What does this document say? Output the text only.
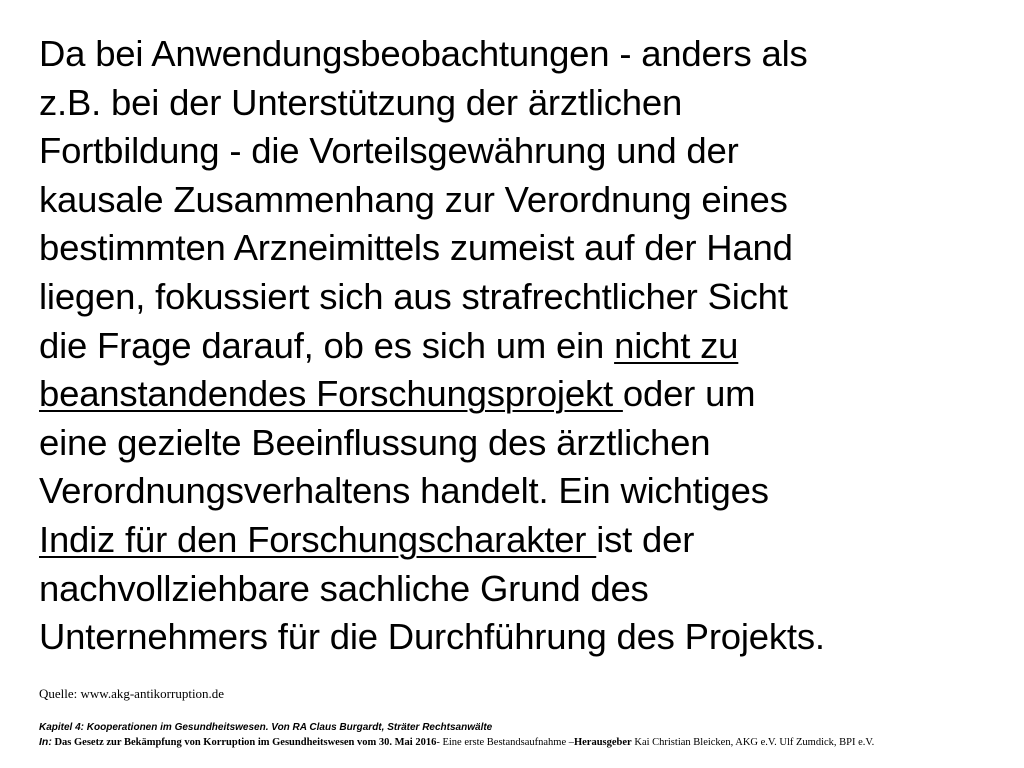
Da bei Anwendungsbeobachtungen - anders als
z.B. bei der Unterstützung der ärztlichen
Fortbildung - die Vorteilsgewährung und der
kausale Zusammenhang zur Verordnung eines
bestimmten Arzneimittels zumeist auf der Hand
liegen, fokussiert sich aus strafrechtlicher Sicht
die Frage darauf, ob es sich um ein nicht zu
beanstandendes Forschungsprojekt oder um
eine gezielte Beeinflussung des ärztlichen
Verordnungsverhaltens handelt. Ein wichtiges
Indiz für den Forschungscharakter ist der
nachvollziehbare sachliche Grund des
Unternehmers für die Durchführung des Projekts.
Quelle: www.akg-antikorruption.de
Kapitel 4: Kooperationen im Gesundheitswesen. Von RA Claus Burgardt, Sträter Rechtsanwälte
In: Das Gesetz zur Bekämpfung von Korruption im Gesundheitswesen vom 30. Mai 2016- Eine erste Bestandsaufnahme –Herausgeber Kai Christian Bleicken, AKG e.V. Ulf Zumdick, BPI e.V.
